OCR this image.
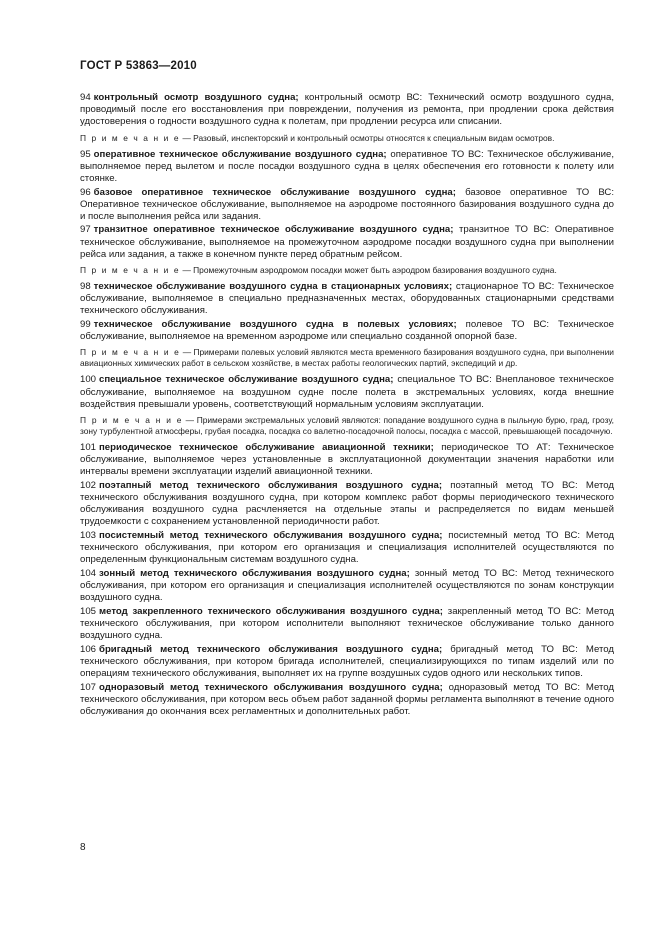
ГОСТ Р 53863—2010

94 контрольный осмотр воздушного судна; контрольный осмотр ВС: Технический осмотр воздушного судна, проводимый после его восстановления при повреждении, получения из ремонта, при продлении срока действия удостоверения о годности воздушного судна к полетам, при продлении ресурса или списании.

П р и м е ч а н и е — Разовый, инспекторский и контрольный осмотры относятся к специальным видам осмотров.

95 оперативное техническое обслуживание воздушного судна; оперативное ТО ВС: Техническое обслуживание, выполняемое перед вылетом и после посадки воздушного судна в целях обеспечения его готовности к полету или стоянке.

96 базовое оперативное техническое обслуживание воздушного судна; базовое оперативное ТО ВС: Оперативное техническое обслуживание, выполняемое на аэродроме постоянного базирования воздушного судна до и после выполнения рейса или задания.

97 транзитное оперативное техническое обслуживание воздушного судна; транзитное ТО ВС: Оперативное техническое обслуживание, выполняемое на промежуточном аэродроме посадки воздушного судна при выполнении рейса или задания, а также в конечном пункте перед обратным рейсом.

П р и м е ч а н и е — Промежуточным аэродромом посадки может быть аэродром базирования воздушного судна.

98 техническое обслуживание воздушного судна в стационарных условиях; стационарное ТО ВС: Техническое обслуживание, выполняемое в специально предназначенных местах, оборудованных стационарными средствами технического обслуживания.

99 техническое обслуживание воздушного судна в полевых условиях; полевое ТО ВС: Техническое обслуживание, выполняемое на временном аэродроме или специально созданной опорной базе.

П р и м е ч а н и е — Примерами полевых условий являются места временного базирования воздушного судна, при выполнении авиационных химических работ в сельском хозяйстве, в местах работы геологических партий, экспедиций и др.

100 специальное техническое обслуживание воздушного судна; специальное ТО ВС: Внеплановое техническое обслуживание, выполняемое на воздушном судне после полета в экстремальных условиях, когда внешние воздействия превышали уровень, соответствующий нормальным условиям эксплуатации.

П р и м е ч а н и е — Примерами экстремальных условий являются: попадание воздушного судна в пыльную бурю, град, грозу, зону турбулентной атмосферы, грубая посадка, посадка со валетно-посадочной полосы, посадка с массой, превышающей посадочную.

101 периодическое техническое обслуживание авиационной техники; периодическое ТО АТ: Техническое обслуживание, выполняемое через установленные в эксплуатационной документации значения наработки или интервалы времени эксплуатации изделий авиационной техники.

102 поэтапный метод технического обслуживания воздушного судна; поэтапный метод ТО ВС: Метод технического обслуживания воздушного судна, при котором комплекс работ формы периодического технического обслуживания воздушного судна расчленяется на отдельные этапы и распределяется по видам меньшей трудоемкости с сохранением установленной периодичности работ.

103 посистемный метод технического обслуживания воздушного судна; посистемный метод ТО ВС: Метод технического обслуживания, при котором его организация и специализация исполнителей осуществляются по определенным функциональным системам воздушного судна.

104 зонный метод технического обслуживания воздушного судна; зонный метод ТО ВС: Метод технического обслуживания, при котором его организация и специализация исполнителей осуществляются по зонам конструкции воздушного судна.

105 метод закрепленного технического обслуживания воздушного судна; закрепленный метод ТО ВС: Метод технического обслуживания, при котором исполнители выполняют техническое обслуживание только данного воздушного судна.

106 бригадный метод технического обслуживания воздушного судна; бригадный метод ТО ВС: Метод технического обслуживания, при котором бригада исполнителей, специализирующихся по типам изделий или по операциям технического обслуживания, выполняет их на группе воздушных судов одного или нескольких типов.

107 одноразовый метод технического обслуживания воздушного судна; одноразовый метод ТО ВС: Метод технического обслуживания, при котором весь объем работ заданной формы регламента выполняют в течение одного обслуживания до окончания всех регламентных и дополнительных работ.

8
